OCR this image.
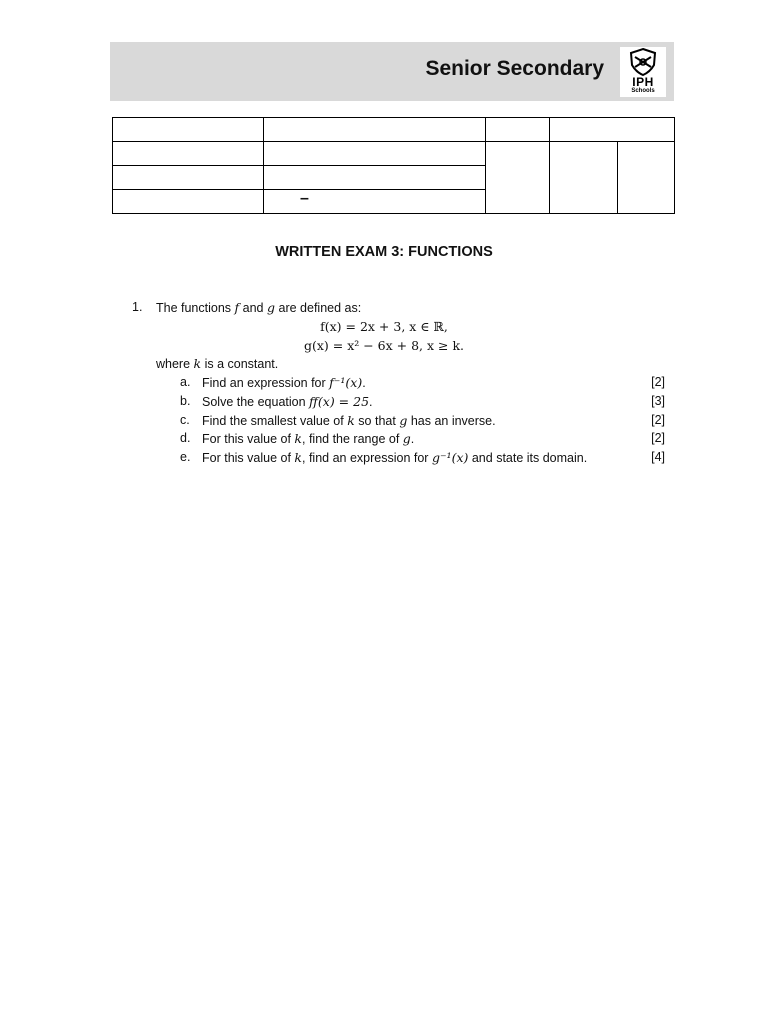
Senior Secondary
IPH
Schools

–
WRITTEN EXAM 3: FUNCTIONS
1. The functions f and g are defined as:
f(x) = 2x + 3, x ∈ ℝ,
g(x) = x² − 6x + 8, x ≥ k.
where k is a constant.
a. Find an expression for f⁻¹(x).	[2]
b. Solve the equation ff(x) = 25.	[3]
c. Find the smallest value of k so that g has an inverse.	[2]
d. For this value of k, find the range of g.	[2]
e. For this value of k, find an expression for g⁻¹(x) and state its domain.	[4]
